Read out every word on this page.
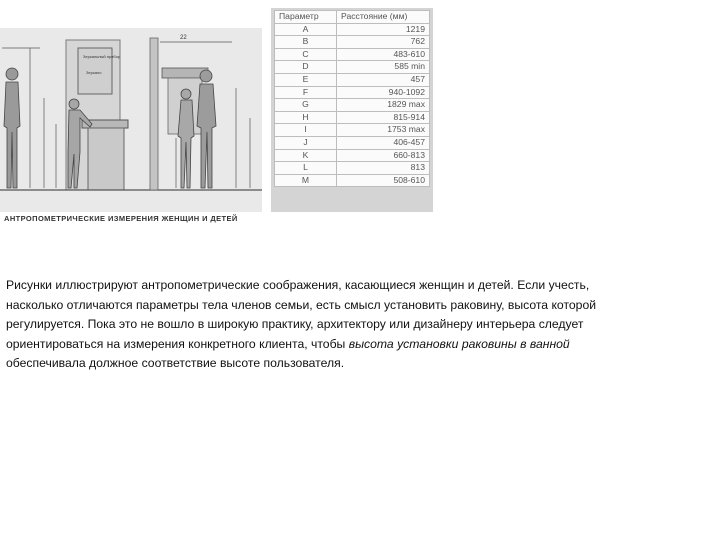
22
Зеркальный прибор
Зеркало
АНТРОПОМЕТРИЧЕСКИЕ ИЗМЕРЕНИЯ ЖЕНЩИН И ДЕТЕЙ
Параметр	Расстояние (мм)
A	1219
B	762
C	483-610
D	585 min
E	457
F	940-1092
G	1829 max
H	815-914
I	1753 max
J	406-457
K	660-813
L	813
M	508-610
Рисунки иллюстрируют антропометрические соображения, касающиеся женщин и детей. Если учесть, насколько отличаются параметры тела членов семьи, есть смысл установить раковину, высота которой регулируется. Пока это не вошло в широкую практику, архитектору или дизайнеру интерьера следует ориентироваться на измерения конкретного клиента, чтобы высота установки раковины в ванной обеспечивала должное соответствие высоте пользователя.
